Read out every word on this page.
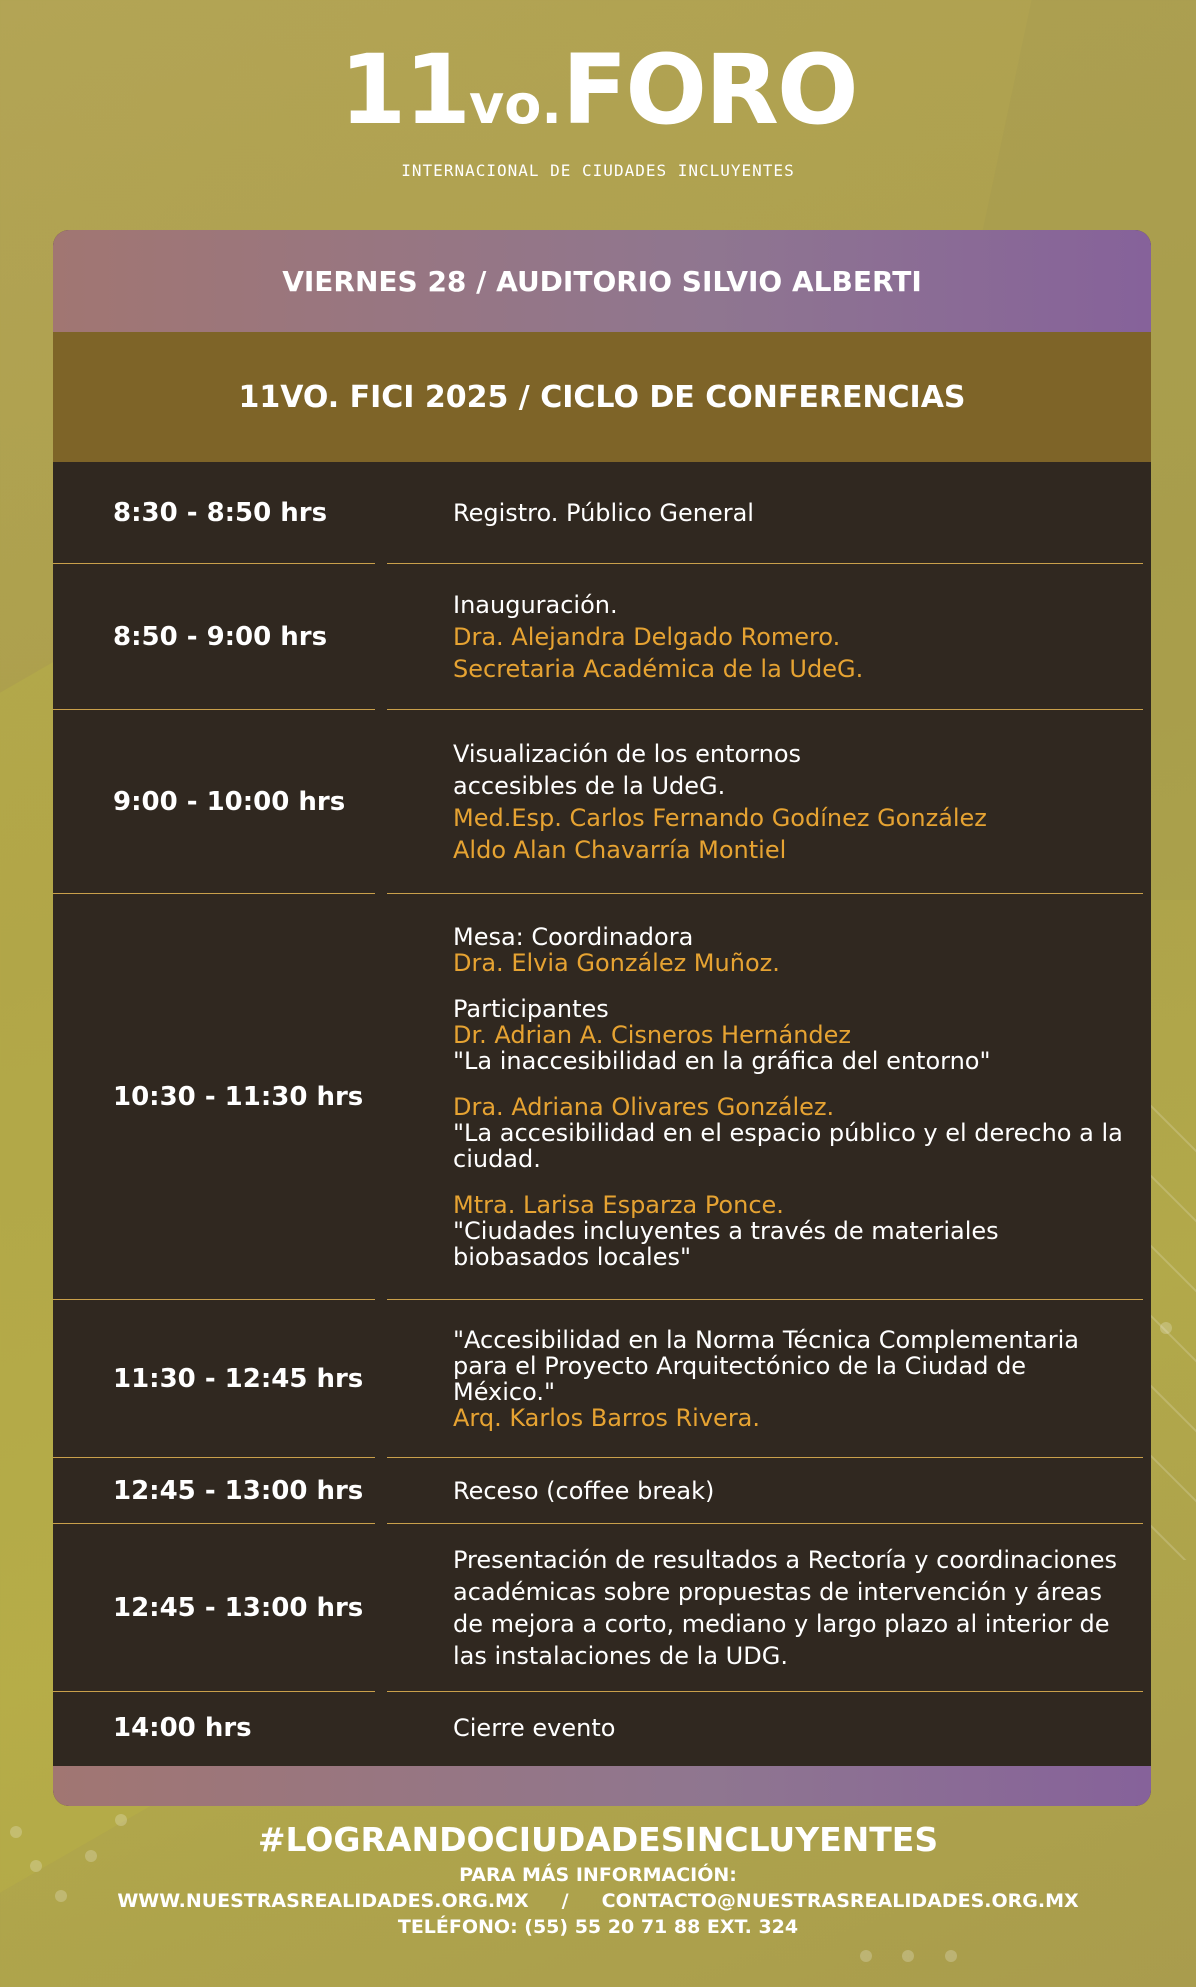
11vo.FORO
INTERNACIONAL DE CIUDADES INCLUYENTES
VIERNES 28 / AUDITORIO SILVIO ALBERTI
11VO. FICI 2025 / CICLO DE CONFERENCIAS
8:30 - 8:50 hrs	Registro. Público General
8:50 - 9:00 hrs
Inauguración.
Dra. Alejandra Delgado Romero.
Secretaria Académica de la UdeG.
9:00 - 10:00 hrs
Visualización de los entornos
accesibles de la UdeG.
Med.Esp. Carlos Fernando Godínez González
Aldo Alan Chavarría Montiel
10:30 - 11:30 hrs
Mesa: Coordinadora
Dra. Elvia González Muñoz.
Participantes
Dr. Adrian A. Cisneros Hernández
"La inaccesibilidad en la gráfica del entorno"
Dra. Adriana Olivares González.
"La accesibilidad en el espacio público y el derecho a la ciudad.
Mtra. Larisa Esparza Ponce.
"Ciudades incluyentes a través de materiales biobasados locales"
11:30 - 12:45 hrs
"Accesibilidad en la Norma Técnica Complementaria para el Proyecto Arquitectónico de la Ciudad de México."
Arq. Karlos Barros Rivera.
12:45 - 13:00 hrs	Receso (coffee break)
12:45 - 13:00 hrs
Presentación de resultados a Rectoría y coordinaciones académicas sobre propuestas de intervención y áreas de mejora a corto, mediano y largo plazo al interior de las instalaciones de la UDG.
14:00 hrs	Cierre evento
#LOGRANDOCIUDADESINCLUYENTES
PARA MÁS INFORMACIÓN:
WWW.NUESTRASREALIDADES.ORG.MX     /     CONTACTO@NUESTRASREALIDADES.ORG.MX
TELÉFONO: (55) 55 20 71 88 EXT. 324
